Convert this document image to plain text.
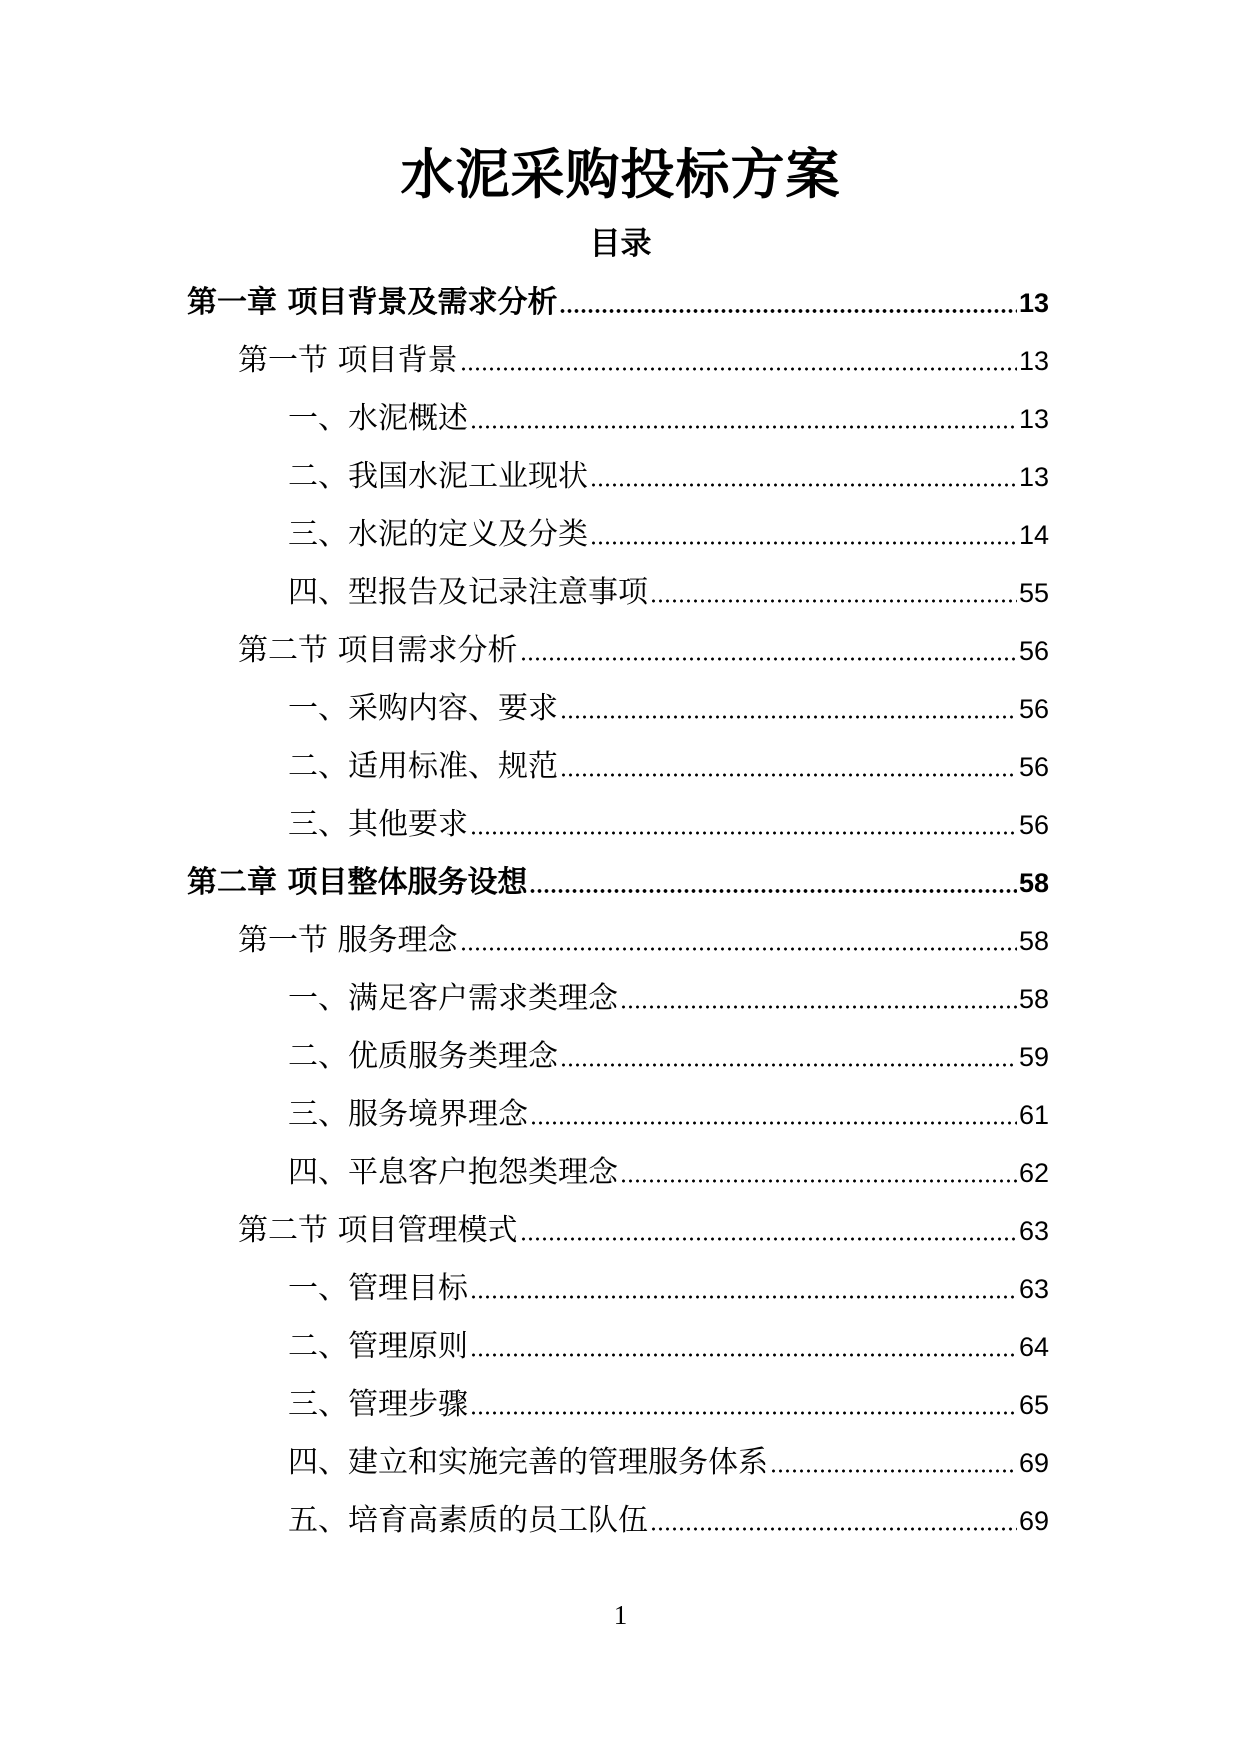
水泥采购投标方案
目录
第一章 项目背景及需求分析	13
第一节 项目背景	13
一、水泥概述	13
二、我国水泥工业现状	13
三、水泥的定义及分类	14
四、型报告及记录注意事项	55
第二节 项目需求分析	56
一、采购内容、要求	56
二、适用标准、规范	56
三、其他要求	56
第二章 项目整体服务设想	58
第一节 服务理念	58
一、满足客户需求类理念	58
二、优质服务类理念	59
三、服务境界理念	61
四、平息客户抱怨类理念	62
第二节 项目管理模式	63
一、管理目标	63
二、管理原则	64
三、管理步骤	65
四、建立和实施完善的管理服务体系	69
五、培育高素质的员工队伍	69
1
